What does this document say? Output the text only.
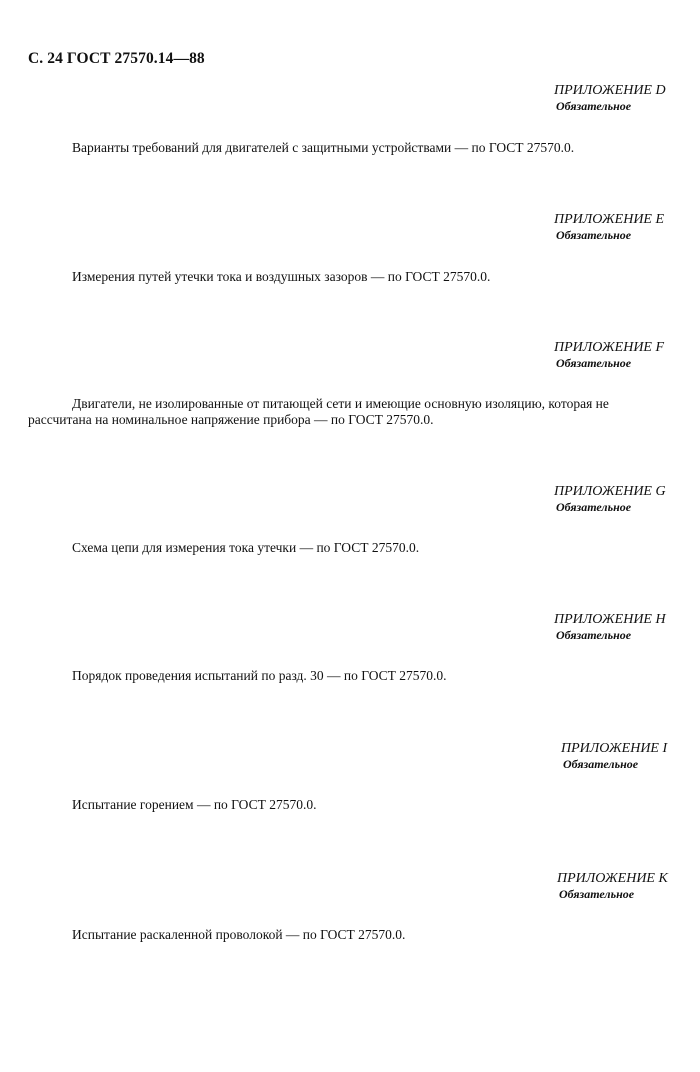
С. 24 ГОСТ 27570.14—88
ПРИЛОЖЕНИЕ D
Обязательное
Варианты требований для двигателей с защитными устройствами — по ГОСТ 27570.0.
ПРИЛОЖЕНИЕ E
Обязательное
Измерения путей утечки тока и воздушных зазоров — по ГОСТ 27570.0.
ПРИЛОЖЕНИЕ F
Обязательное
Двигатели, не изолированные от питающей сети и имеющие основную изоляцию, которая не рассчитана на номинальное напряжение прибора — по ГОСТ 27570.0.
ПРИЛОЖЕНИЕ G
Обязательное
Схема цепи для измерения тока утечки — по ГОСТ 27570.0.
ПРИЛОЖЕНИЕ H
Обязательное
Порядок проведения испытаний по разд. 30 — по ГОСТ 27570.0.
ПРИЛОЖЕНИЕ I
Обязательное
Испытание горением — по ГОСТ 27570.0.
ПРИЛОЖЕНИЕ K
Обязательное
Испытание раскаленной проволокой — по ГОСТ 27570.0.
